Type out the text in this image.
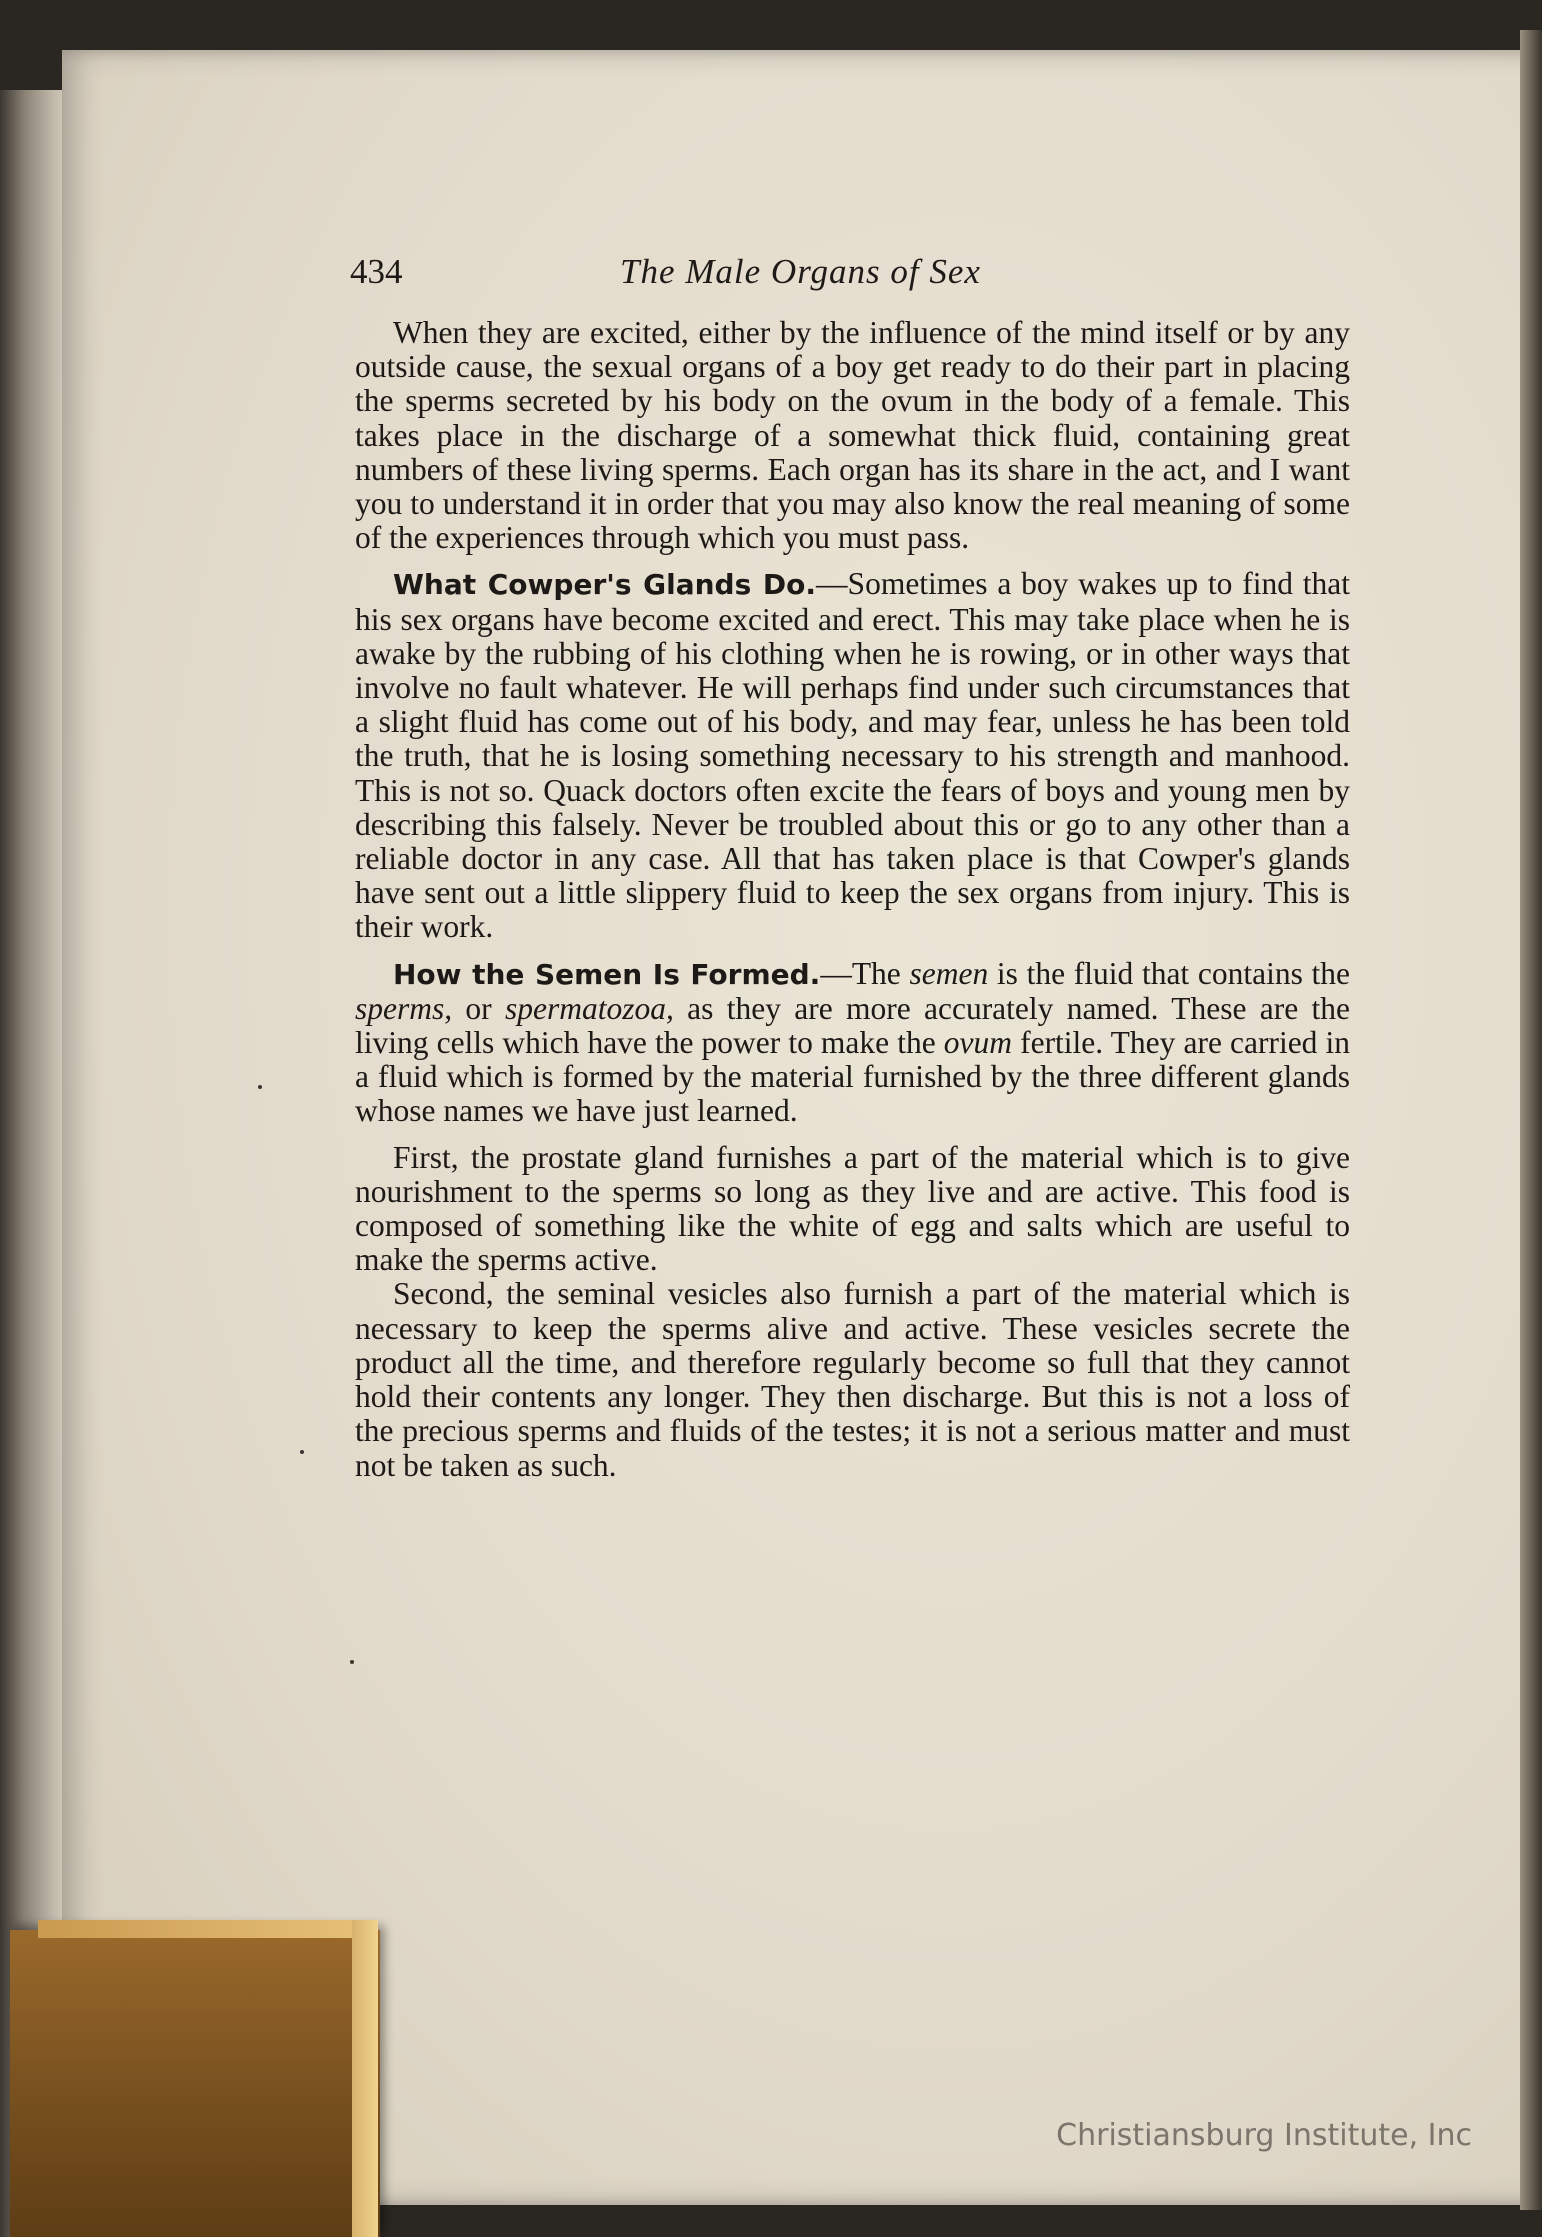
434	The Male Organs of Sex

When they are excited, either by the influence of the mind itself or by any outside cause, the sexual organs of a boy get ready to do their part in placing the sperms secreted by his body on the ovum in the body of a female. This takes place in the discharge of a somewhat thick fluid, containing great numbers of these living sperms. Each organ has its share in the act, and I want you to understand it in order that you may also know the real meaning of some of the experiences through which you must pass.

What Cowper's Glands Do.—Sometimes a boy wakes up to find that his sex organs have become excited and erect. This may take place when he is awake by the rubbing of his clothing when he is rowing, or in other ways that involve no fault whatever. He will perhaps find under such circumstances that a slight fluid has come out of his body, and may fear, unless he has been told the truth, that he is losing something necessary to his strength and manhood. This is not so. Quack doctors often excite the fears of boys and young men by describing this falsely. Never be troubled about this or go to any other than a reliable doctor in any case. All that has taken place is that Cowper's glands have sent out a little slippery fluid to keep the sex organs from injury. This is their work.

How the Semen Is Formed.—The semen is the fluid that contains the sperms, or spermatozoa, as they are more accurately named. These are the living cells which have the power to make the ovum fertile. They are carried in a fluid which is formed by the material furnished by the three different glands whose names we have just learned.

First, the prostate gland furnishes a part of the material which is to give nourishment to the sperms so long as they live and are active. This food is composed of something like the white of egg and salts which are useful to make the sperms active.

Second, the seminal vesicles also furnish a part of the material which is necessary to keep the sperms alive and active. These vesicles secrete the product all the time, and therefore regularly become so full that they cannot hold their contents any longer. They then discharge. But this is not a loss of the precious sperms and fluids of the testes; it is not a serious matter and must not be taken as such.

Christiansburg Institute, Inc
